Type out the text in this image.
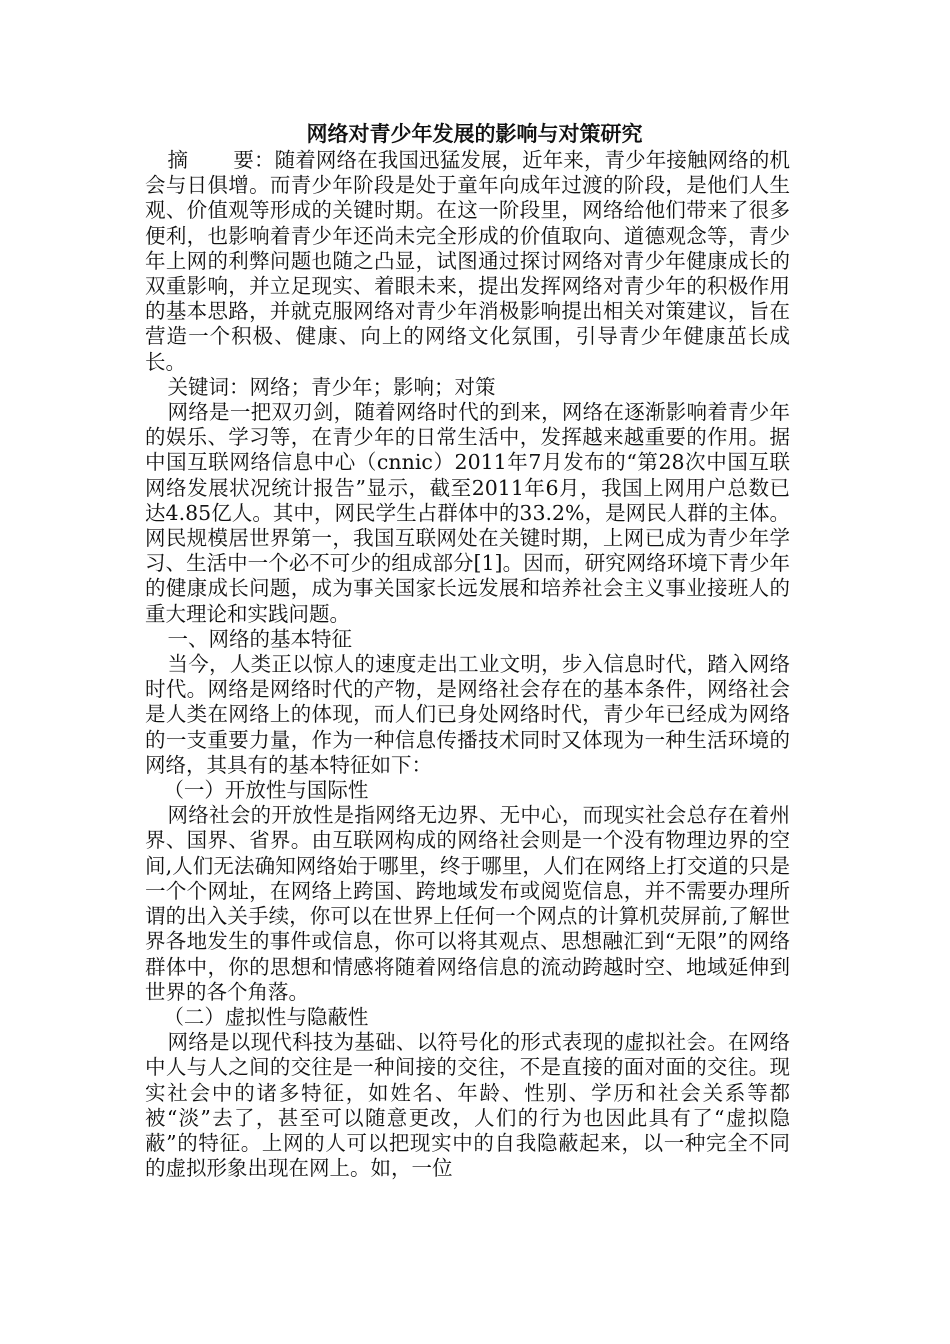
网络对青少年发展的影响与对策研究

摘 要：随着网络在我国迅猛发展，近年来，青少年接触网络的机会与日俱增。而青少年阶段是处于童年向成年过渡的阶段，是他们人生观、价值观等形成的关键时期。在这一阶段里，网络给他们带来了很多便利，也影响着青少年还尚未完全形成的价值取向、道德观念等，青少年上网的利弊问题也随之凸显，试图通过探讨网络对青少年健康成长的双重影响，并立足现实、着眼未来，提出发挥网络对青少年的积极作用的基本思路，并就克服网络对青少年消极影响提出相关对策建议，旨在营造一个积极、健康、向上的网络文化氛围，引导青少年健康茁长成长。

关键词：网络；青少年；影响；对策

网络是一把双刃剑，随着网络时代的到来，网络在逐渐影响着青少年的娱乐、学习等，在青少年的日常生活中，发挥越来越重要的作用。据中国互联网络信息中心（cnnic）2011年7月发布的“第28次中国互联网络发展状况统计报告”显示，截至2011年6月，我国上网用户总数已达4.85亿人。其中，网民学生占群体中的33.2%，是网民人群的主体。网民规模居世界第一，我国互联网处在关键时期，上网已成为青少年学习、生活中一个必不可少的组成部分[1]。因而，研究网络环境下青少年的健康成长问题，成为事关国家长远发展和培养社会主义事业接班人的重大理论和实践问题。

一、网络的基本特征

当今，人类正以惊人的速度走出工业文明，步入信息时代，踏入网络时代。网络是网络时代的产物，是网络社会存在的基本条件，网络社会是人类在网络上的体现，而人们已身处网络时代，青少年已经成为网络的一支重要力量，作为一种信息传播技术同时又体现为一种生活环境的网络，其具有的基本特征如下：

（一）开放性与国际性

网络社会的开放性是指网络无边界、无中心，而现实社会总存在着州界、国界、省界。由互联网构成的网络社会则是一个没有物理边界的空间,人们无法确知网络始于哪里，终于哪里，人们在网络上打交道的只是一个个网址，在网络上跨国、跨地域发布或阅览信息，并不需要办理所谓的出入关手续，你可以在世界上任何一个网点的计算机荧屏前,了解世界各地发生的事件或信息，你可以将其观点、思想融汇到“无限”的网络群体中，你的思想和情感将随着网络信息的流动跨越时空、地域延伸到世界的各个角落。

（二）虚拟性与隐蔽性

网络是以现代科技为基础、以符号化的形式表现的虚拟社会。在网络中人与人之间的交往是一种间接的交往，不是直接的面对面的交往。现实社会中的诸多特征，如姓名、年龄、性别、学历和社会关系等都被“淡”去了，甚至可以随意更改，人们的行为也因此具有了“虚拟隐蔽”的特征。上网的人可以把现实中的自我隐蔽起来，以一种完全不同的虚拟形象出现在网上。如，一位
